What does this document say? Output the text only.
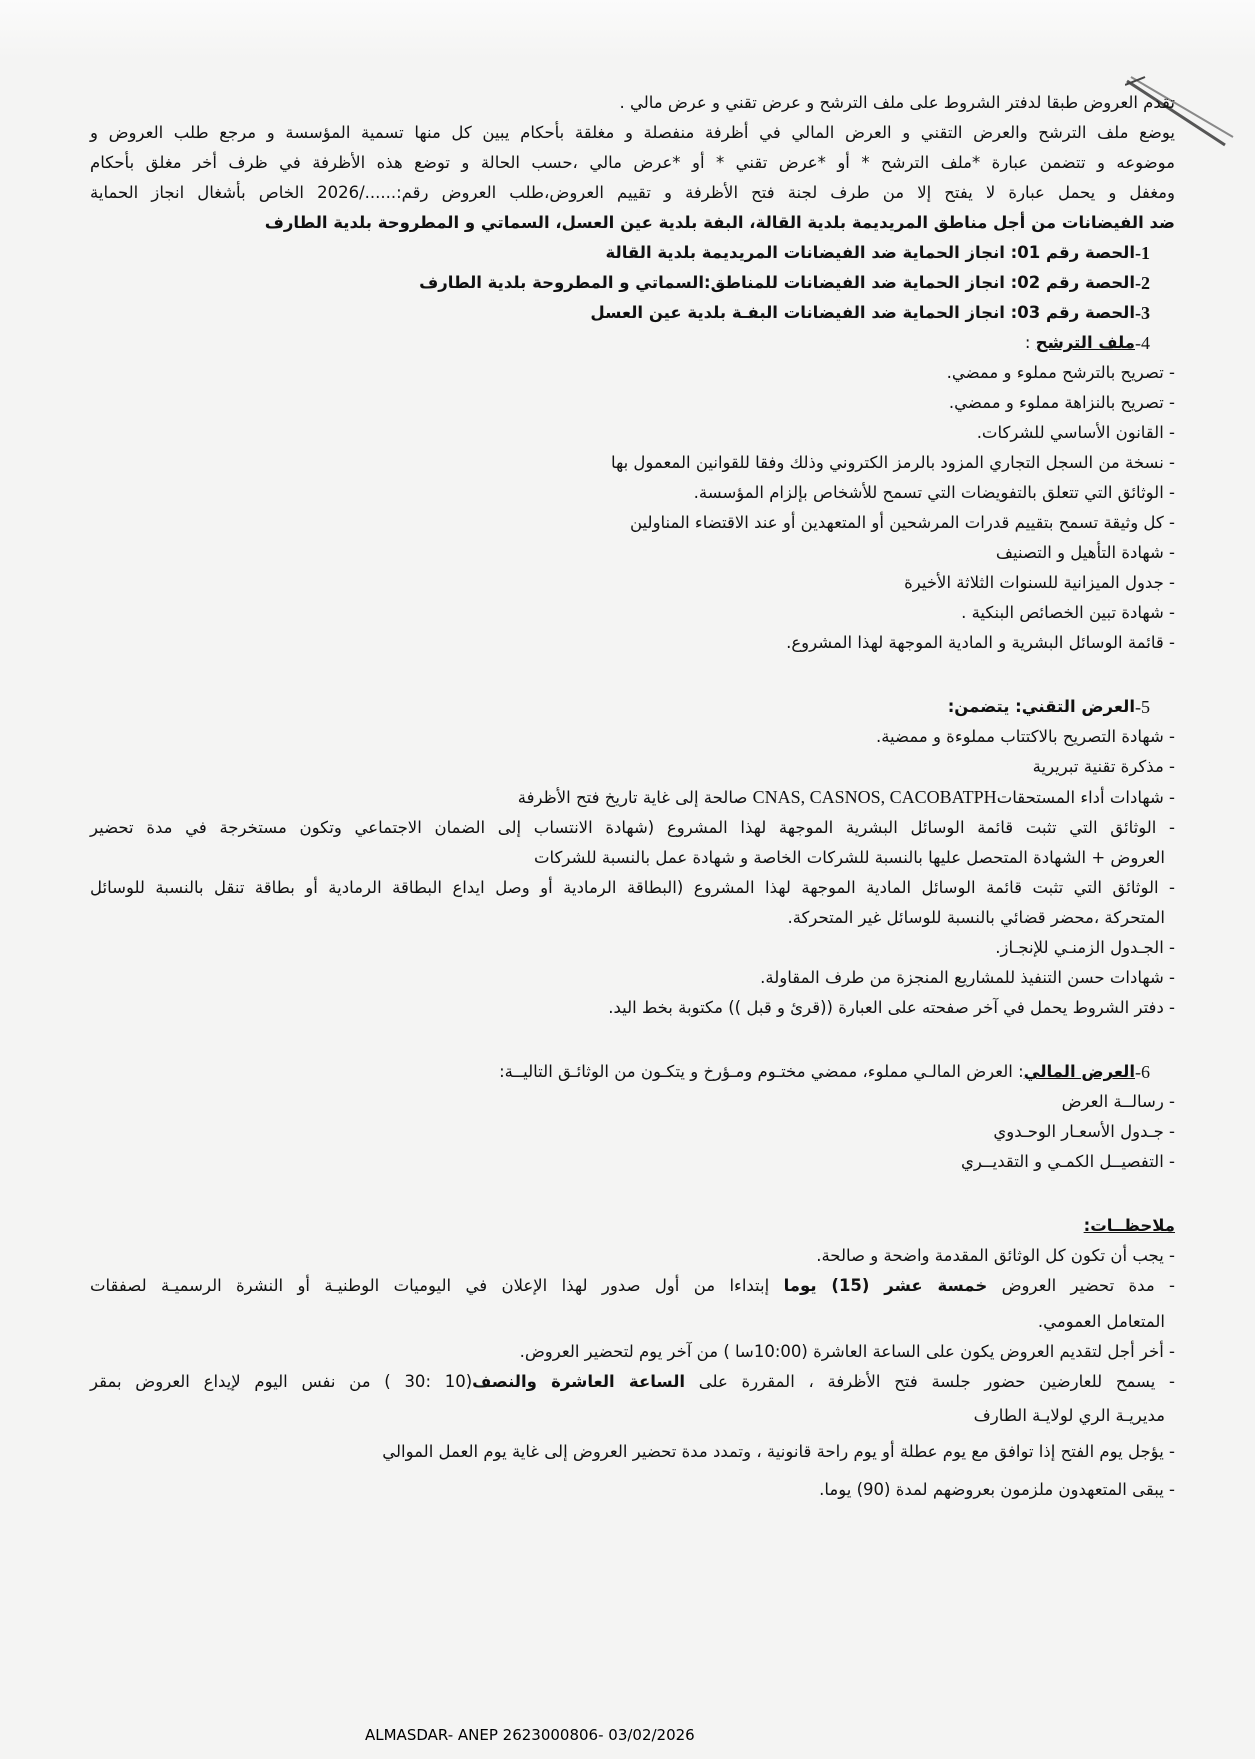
تقدم العروض طبقا لدفتر الشروط على ملف الترشح و عرض تقني و عرض مالي .
يوضع ملف الترشح والعرض التقني و العرض المالي في أظرفة منفصلة و مغلقة بأحكام يبين كل منها تسمية المؤسسة و مرجع طلب العروض و
موضوعه و تتضمن عبارة *ملف الترشح * أو *عرض تقني * أو *عرض مالي ،حسب الحالة و توضع هذه الأظرفة في ظرف أخر مغلق بأحكام
ومغفل و يحمل عبارة لا يفتح إلا من طرف لجنة فتح الأظرفة و تقييم العروض،طلب العروض رقم:....../2026 الخاص بأشغال انجاز الحماية
ضد الفيضانات من أجل مناطق المريديمة بلدية القالة، البفة بلدية عين العسل، السماتي و المطروحة بلدية الطارف
-1
الحصة رقم 01: انجاز الحماية ضد الفيضانات المريديمة بلدية القالة
-2
الحصة رقم 02: انجاز الحماية ضد الفيضانات للمناطق:السماتي و المطروحة بلدية الطارف
-3
الحصة رقم 03: انجاز الحماية ضد الفيضانات البفـة بلدية عين العسل
-4
ملف الترشح :
- تصريح بالترشح مملوء و ممضي.
- تصريح بالنزاهة مملوء و ممضي.
- القانون الأساسي للشركات.
- نسخة من السجل التجاري المزود بالرمز الكتروني وذلك وفقا للقوانين المعمول بها
- الوثائق التي تتعلق بالتفويضات التي تسمح للأشخاص بإلزام المؤسسة.
- كل وثيقة تسمح بتقييم قدرات المرشحين أو المتعهدين أو عند الاقتضاء المناولين
- شهادة التأهيل و التصنيف
- جدول الميزانية للسنوات الثلاثة الأخيرة
- شهادة تبين الخصائص البنكية .
- قائمة الوسائل البشرية و المادية الموجهة لهذا المشروع.
-5
العرض التقني: يتضمن:
- شهادة التصريح بالاكتتاب مملوءة و ممضية.
- مذكرة تقنية تبريرية
- شهادات أداء المستحقاتCNAS, CASNOS, CACOBATPH صالحة إلى غاية تاريخ فتح الأظرفة
- الوثائق التي تثبت قائمة الوسائل البشرية الموجهة لهذا المشروع (شهادة الانتساب إلى الضمان الاجتماعي وتكون مستخرجة في مدة تحضير
العروض + الشهادة المتحصل عليها بالنسبة للشركات الخاصة و شهادة عمل بالنسبة للشركات
- الوثائق التي تثبت قائمة الوسائل المادية الموجهة لهذا المشروع (البطاقة الرمادية أو وصل ايداع البطاقة الرمادية أو بطاقة تنقل بالنسبة للوسائل
المتحركة ،محضر قضائي بالنسبة للوسائل غير المتحركة.
- الجـدول الزمنـي للإنجـاز.
- شهادات حسن التنفيذ للمشاريع المنجزة من طرف المقاولة.
- دفتر الشروط يحمل في آخر صفحته على العبارة ((قرئ و قبل )) مكتوبة بخط اليد.
-6
العرض المالي: العرض المالـي مملوء، ممضي مختـوم ومـؤرخ و يتكـون من الوثائـق التاليــة:
- رسالــة العرض
- جـدول الأسعـار الوحـدوي
- التفصيــل الكمـي و التقديــري
ملاحظــات:
- يجب أن تكون كل الوثائق المقدمة واضحة و صالحة.
- مدة تحضير العروض خمسة عشر (15) يوما إبتداءا من أول صدور لهذا الإعلان في اليوميات الوطنيـة أو النشرة الرسميـة لصفقات
المتعامل العمومي.
- أخر أجل لتقديم العروض يكون على الساعة العاشرة (10:00سا ) من آخر يوم لتحضير العروض.
- يسمح للعارضين حضور جلسة فتح الأظرفة ، المقررة على الساعة العاشرة والنصف(10 :30 ) من نفس اليوم لإيداع العروض بمقر
مديريـة الري لولايـة الطارف
- يؤجل يوم الفتح إذا توافق مع يوم عطلة أو يوم راحة قانونية ، وتمدد مدة تحضير العروض إلى غاية يوم العمل الموالي
- يبقى المتعهدون ملزمون بعروضهم لمدة (90) يوما.
ALMASDAR- ANEP 2623000806- 03/02/2026
